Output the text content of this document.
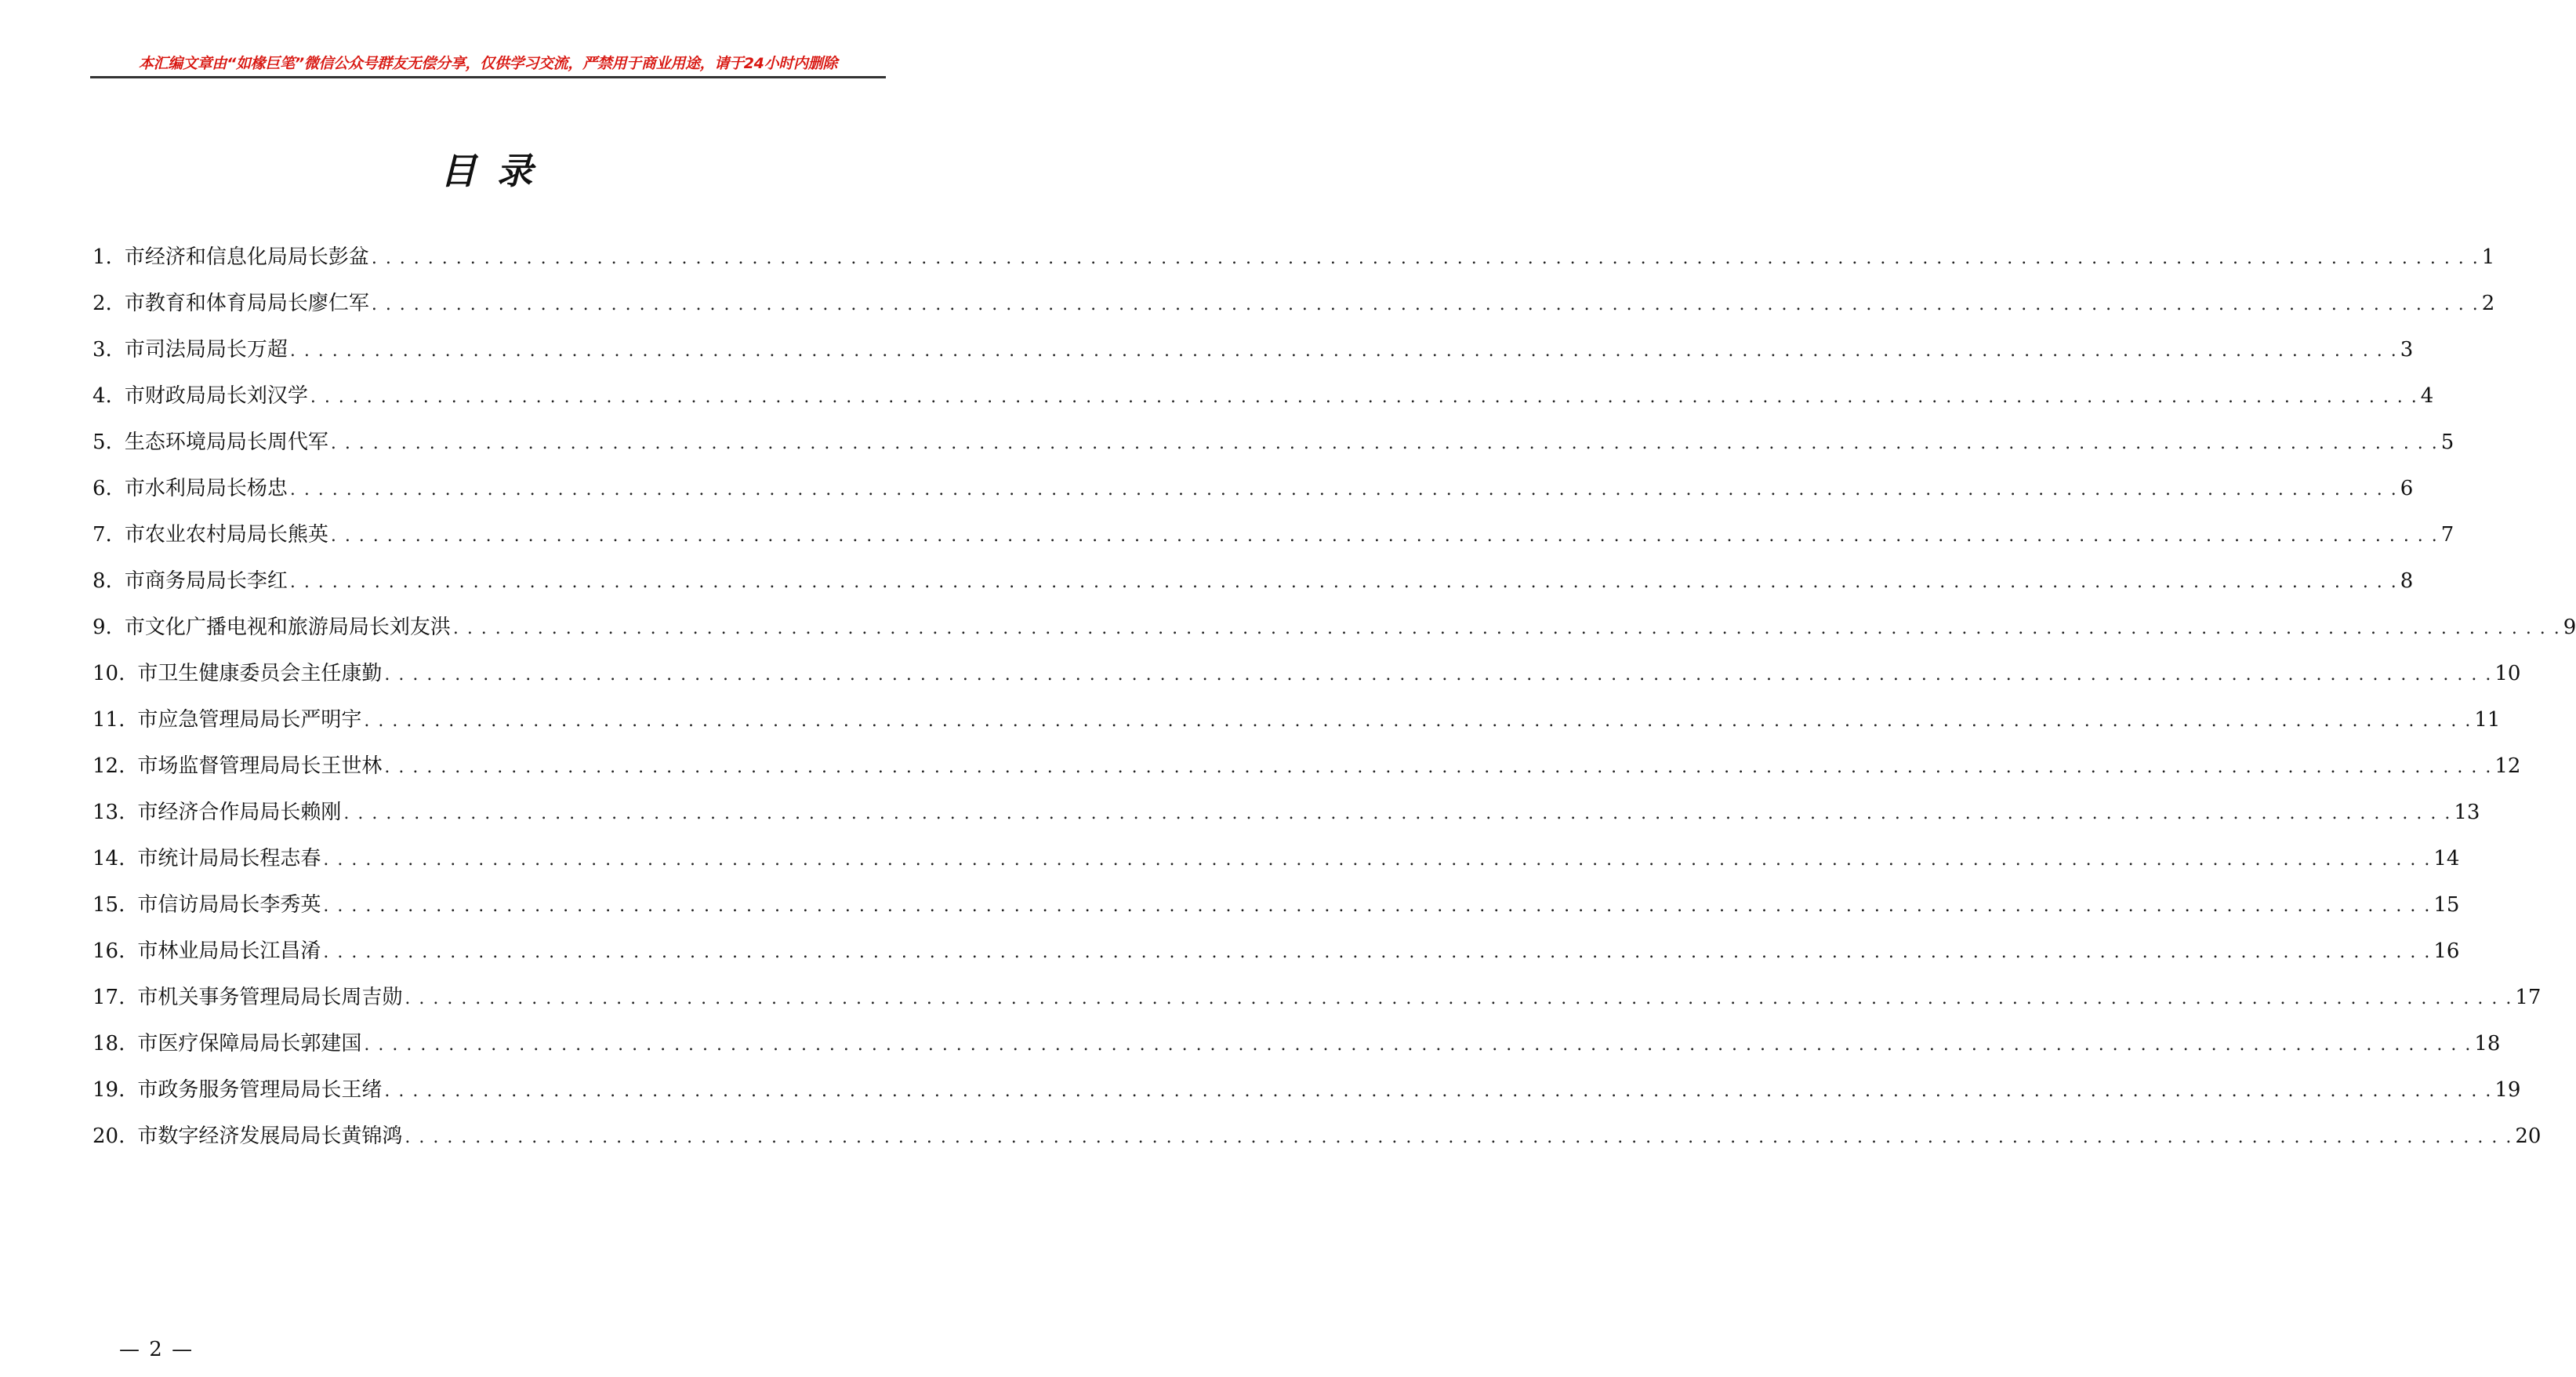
本汇编文章由“如椽巨笔”微信公众号群友无偿分享，仅供学习交流，严禁用于商业用途，请于24小时内删除
目录
1. 市经济和信息化局局长彭盆 . . . . . . . . . . . . . . . . . . . . . . . . . . . . . . . . . . . . . . . . . . . . . . . . . . . . . . . . . . . . . . . . . . . . . . . . . . . . . . . . . . . . . . . . . . . . . . . . . . . . . . . . . . . . . . . . . . . . . . . . . . . . . . . . . . . . . . . . . . . . . . . . . . . . . . 1
2. 市教育和体育局局长廖仁军 . . . . . . . . . . . . . . . . . . . . . . . . . . . . . . . . . . . . . . . . . . . . . . . . . . . . . . . . . . . . . . . . . . . . . . . . . . . . . . . . . . . . . . . . . . . . . . . . . . . . . . . . . . . . . . . . . . . . . . . . . . . . . . . . . . . . . . . . . . . . . . . . . . . . . . 2
3. 市司法局局长万超 . . . . . . . . . . . . . . . . . . . . . . . . . . . . . . . . . . . . . . . . . . . . . . . . . . . . . . . . . . . . . . . . . . . . . . . . . . . . . . . . . . . . . . . . . . . . . . . . . . . . . . . . . . . . . . . . . . . . . . . . . . . . . . . . . . . . . . . . . . . . . . . . . . . . . . 3
4. 市财政局局长刘汉学 . . . . . . . . . . . . . . . . . . . . . . . . . . . . . . . . . . . . . . . . . . . . . . . . . . . . . . . . . . . . . . . . . . . . . . . . . . . . . . . . . . . . . . . . . . . . . . . . . . . . . . . . . . . . . . . . . . . . . . . . . . . . . . . . . . . . . . . . . . . . . . . . . . . . . . 4
5. 生态环境局局长周代军 . . . . . . . . . . . . . . . . . . . . . . . . . . . . . . . . . . . . . . . . . . . . . . . . . . . . . . . . . . . . . . . . . . . . . . . . . . . . . . . . . . . . . . . . . . . . . . . . . . . . . . . . . . . . . . . . . . . . . . . . . . . . . . . . . . . . . . . . . . . . . . . . . . . . . . 5
6. 市水利局局长杨忠 . . . . . . . . . . . . . . . . . . . . . . . . . . . . . . . . . . . . . . . . . . . . . . . . . . . . . . . . . . . . . . . . . . . . . . . . . . . . . . . . . . . . . . . . . . . . . . . . . . . . . . . . . . . . . . . . . . . . . . . . . . . . . . . . . . . . . . . . . . . . . . . . . . . . . . 6
7. 市农业农村局局长熊英 . . . . . . . . . . . . . . . . . . . . . . . . . . . . . . . . . . . . . . . . . . . . . . . . . . . . . . . . . . . . . . . . . . . . . . . . . . . . . . . . . . . . . . . . . . . . . . . . . . . . . . . . . . . . . . . . . . . . . . . . . . . . . . . . . . . . . . . . . . . . . . . . . . . . . . 7
8. 市商务局局长李红 . . . . . . . . . . . . . . . . . . . . . . . . . . . . . . . . . . . . . . . . . . . . . . . . . . . . . . . . . . . . . . . . . . . . . . . . . . . . . . . . . . . . . . . . . . . . . . . . . . . . . . . . . . . . . . . . . . . . . . . . . . . . . . . . . . . . . . . . . . . . . . . . . . . . . . 8
9. 市文化广播电视和旅游局局长刘友洪 . . . . . . . . . . . . . . . . . . . . . . . . . . . . . . . . . . . . . . . . . . . . . . . . . . . . . . . . . . . . . . . . . . . . . . . . . . . . . . . . . . . . . . . . . . . . . . . . . . . . . . . . . . . . . . . . . . . . . . . . . . . . . . . . . . . . . . . . . . . . . . . . . . . . . . 9
10. 市卫生健康委员会主任康勤 . . . . . . . . . . . . . . . . . . . . . . . . . . . . . . . . . . . . . . . . . . . . . . . . . . . . . . . . . . . . . . . . . . . . . . . . . . . . . . . . . . . . . . . . . . . . . . . . . . . . . . . . . . . . . . . . . . . . . . . . . . . . . . . . . . . . . . . . . . . . . . . . . . . . . . 10
11. 市应急管理局局长严明宇 . . . . . . . . . . . . . . . . . . . . . . . . . . . . . . . . . . . . . . . . . . . . . . . . . . . . . . . . . . . . . . . . . . . . . . . . . . . . . . . . . . . . . . . . . . . . . . . . . . . . . . . . . . . . . . . . . . . . . . . . . . . . . . . . . . . . . . . . . . . . . . . . . . . . . . 11
12. 市场监督管理局局长王世林 . . . . . . . . . . . . . . . . . . . . . . . . . . . . . . . . . . . . . . . . . . . . . . . . . . . . . . . . . . . . . . . . . . . . . . . . . . . . . . . . . . . . . . . . . . . . . . . . . . . . . . . . . . . . . . . . . . . . . . . . . . . . . . . . . . . . . . . . . . . . . . . . . . . . . . 12
13. 市经济合作局局长赖刚 . . . . . . . . . . . . . . . . . . . . . . . . . . . . . . . . . . . . . . . . . . . . . . . . . . . . . . . . . . . . . . . . . . . . . . . . . . . . . . . . . . . . . . . . . . . . . . . . . . . . . . . . . . . . . . . . . . . . . . . . . . . . . . . . . . . . . . . . . . . . . . . . . . . . . . 13
14. 市统计局局长程志春 . . . . . . . . . . . . . . . . . . . . . . . . . . . . . . . . . . . . . . . . . . . . . . . . . . . . . . . . . . . . . . . . . . . . . . . . . . . . . . . . . . . . . . . . . . . . . . . . . . . . . . . . . . . . . . . . . . . . . . . . . . . . . . . . . . . . . . . . . . . . . . . . . . . . . . 14
15. 市信访局局长李秀英 . . . . . . . . . . . . . . . . . . . . . . . . . . . . . . . . . . . . . . . . . . . . . . . . . . . . . . . . . . . . . . . . . . . . . . . . . . . . . . . . . . . . . . . . . . . . . . . . . . . . . . . . . . . . . . . . . . . . . . . . . . . . . . . . . . . . . . . . . . . . . . . . . . . . . . 15
16. 市林业局局长江昌淆 . . . . . . . . . . . . . . . . . . . . . . . . . . . . . . . . . . . . . . . . . . . . . . . . . . . . . . . . . . . . . . . . . . . . . . . . . . . . . . . . . . . . . . . . . . . . . . . . . . . . . . . . . . . . . . . . . . . . . . . . . . . . . . . . . . . . . . . . . . . . . . . . . . . . . . 16
17. 市机关事务管理局局长周吉勋 . . . . . . . . . . . . . . . . . . . . . . . . . . . . . . . . . . . . . . . . . . . . . . . . . . . . . . . . . . . . . . . . . . . . . . . . . . . . . . . . . . . . . . . . . . . . . . . . . . . . . . . . . . . . . . . . . . . . . . . . . . . . . . . . . . . . . . . . . . . . . . . . . . . . . . 17
18. 市医疗保障局局长郭建国 . . . . . . . . . . . . . . . . . . . . . . . . . . . . . . . . . . . . . . . . . . . . . . . . . . . . . . . . . . . . . . . . . . . . . . . . . . . . . . . . . . . . . . . . . . . . . . . . . . . . . . . . . . . . . . . . . . . . . . . . . . . . . . . . . . . . . . . . . . . . . . . . . . . . . . 18
19. 市政务服务管理局局长王绪 . . . . . . . . . . . . . . . . . . . . . . . . . . . . . . . . . . . . . . . . . . . . . . . . . . . . . . . . . . . . . . . . . . . . . . . . . . . . . . . . . . . . . . . . . . . . . . . . . . . . . . . . . . . . . . . . . . . . . . . . . . . . . . . . . . . . . . . . . . . . . . . . . . . . . . 19
20. 市数字经济发展局局长黄锦鸿 . . . . . . . . . . . . . . . . . . . . . . . . . . . . . . . . . . . . . . . . . . . . . . . . . . . . . . . . . . . . . . . . . . . . . . . . . . . . . . . . . . . . . . . . . . . . . . . . . . . . . . . . . . . . . . . . . . . . . . . . . . . . . . . . . . . . . . . . . . . . . . . . . . . . . . 20
— 2 —
